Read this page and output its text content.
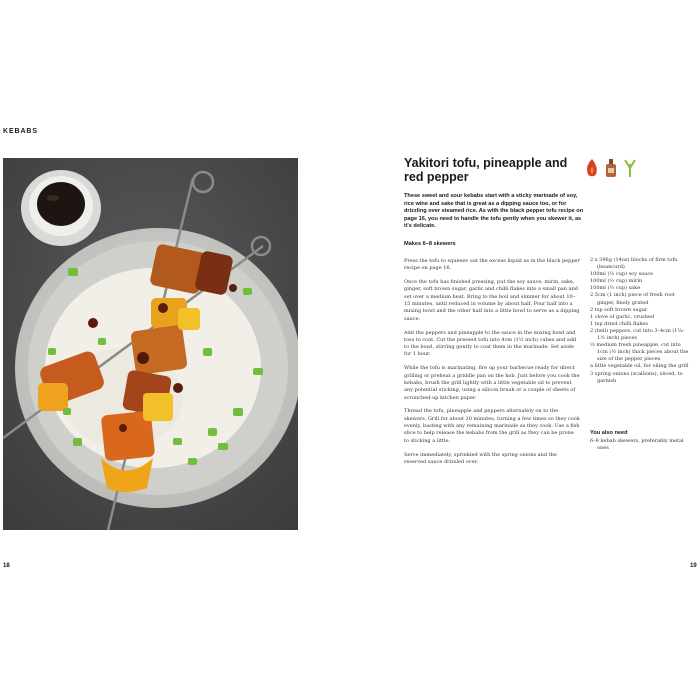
KEBABS
18	19
Yakitori tofu, pineapple and red pepper

These sweet and sour kebabs start with a sticky marinade of soy, rice wine and sake that is great as a dipping sauce too, or for drizzling over steamed rice. As with the black pepper tofu recipe on page 16, you need to handle the tofu gently when you skewer it, as it's delicate.

Makes 6–8 skewers

Press the tofu to squeeze out the excess liquid as in the black pepper recipe on page 16.

Once the tofu has finished pressing, put the soy sauce, mirin, sake, ginger, soft brown sugar, garlic and chilli flakes into a small pan and set over a medium heat. Bring to the boil and simmer for about 10–15 minutes, until reduced in volume by about half. Pour half into a mixing bowl and the other half into a little bowl to serve as a dipping sauce.

Add the peppers and pineapple to the sauce in the mixing bowl and toss to coat. Cut the pressed tofu into 4cm (1½ inch) cubes and add to the bowl, stirring gently to coat them in the marinade. Set aside for 1 hour.

While the tofu is marinating, fire up your barbecue ready for direct grilling or preheat a griddle pan on the hob. Just before you cook the kebabs, brush the grill lightly with a little vegetable oil to prevent any potential sticking, using a silicon brush or a couple of sheets of scrunched-up kitchen paper.

Thread the tofu, pineapple and peppers alternately on to the skewers. Grill for about 20 minutes, turning a few times so they cook evenly, basting with any remaining marinade as they cook. Use a fish slice to help release the kebabs from the grill as they can be prone to sticking a little.

Serve immediately, sprinkled with the spring onions and the reserved sauce drizzled over.

2 x 396g (14oz) blocks of firm tofu (beancurd)
100ml (⅓ cup) soy sauce
100ml (⅓ cup) mirin
100ml (⅓ cup) sake
2.5cm (1 inch) piece of fresh root ginger, finely grated
2 tsp soft brown sugar
1 clove of garlic, crushed
1 tsp dried chilli flakes
2 (bell) peppers, cut into 3–4cm (1¼–1½ inch) pieces
½ medium fresh pineapple, cut into 1cm (½ inch) thick pieces about the size of the pepper pieces
a little vegetable oil, for oiling the grill
3 spring onions (scallions), sliced, to garnish
You also need
6–8 kebab skewers, preferably metal ones
